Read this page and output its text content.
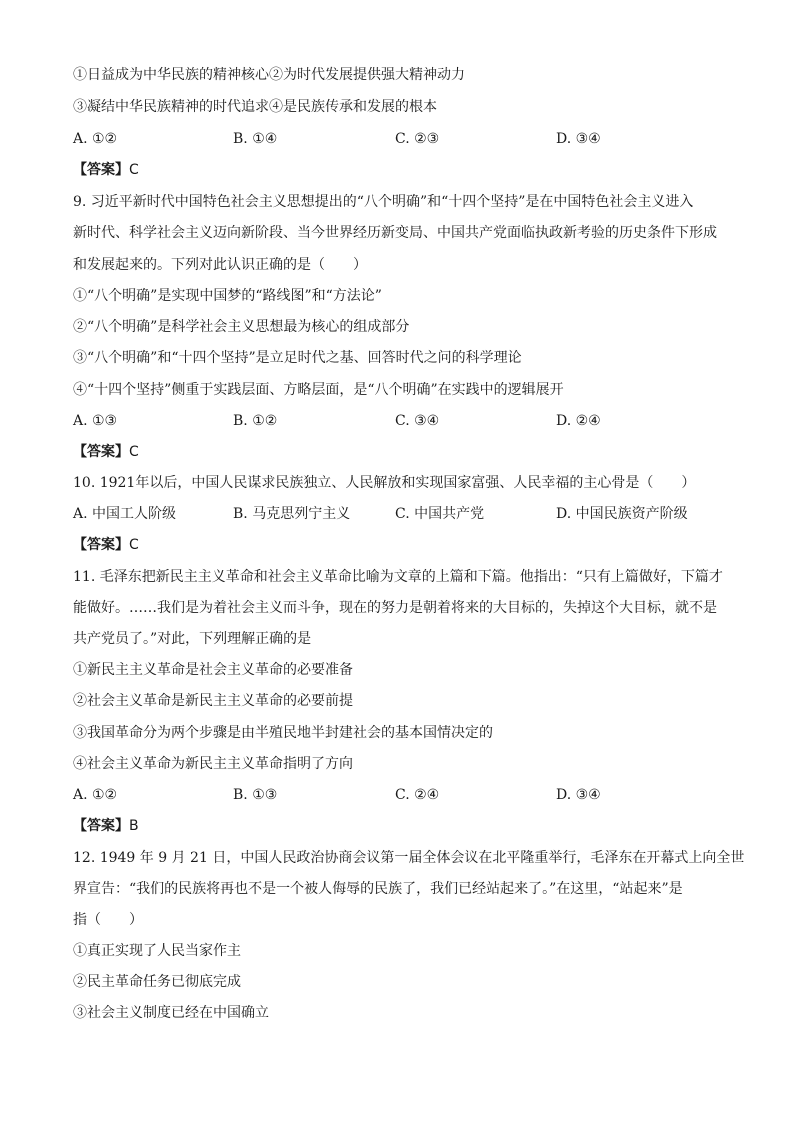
①日益成为中华民族的精神核心②为时代发展提供强大精神动力
③凝结中华民族精神的时代追求④是民族传承和发展的根本
A. ①②	B. ①④	C. ②③	D. ③④
【答案】C
9. 习近平新时代中国特色社会主义思想提出的“八个明确”和“十四个坚持”是在中国特色社会主义进入
新时代、科学社会主义迈向新阶段、当今世界经历新变局、中国共产党面临执政新考验的历史条件下形成
和发展起来的。下列对此认识正确的是（　　）
①“八个明确”是实现中国梦的“路线图”和“方法论”
②“八个明确”是科学社会主义思想最为核心的组成部分
③“八个明确”和“十四个坚持”是立足时代之基、回答时代之问的科学理论
④“十四个坚持”侧重于实践层面、方略层面，是“八个明确”在实践中的逻辑展开
A. ①③	B. ①②	C. ③④	D. ②④
【答案】C
10. 1921年以后，中国人民谋求民族独立、人民解放和实现国家富强、人民幸福的主心骨是（　　）
A. 中国工人阶级	B. 马克思列宁主义	C. 中国共产党	D. 中国民族资产阶级
【答案】C
11. 毛泽东把新民主主义革命和社会主义革命比喻为文章的上篇和下篇。他指出：“只有上篇做好，下篇才
能做好。……我们是为着社会主义而斗争，现在的努力是朝着将来的大目标的，失掉这个大目标，就不是
共产党员了。”对此，下列理解正确的是
①新民主主义革命是社会主义革命的必要准备
②社会主义革命是新民主主义革命的必要前提
③我国革命分为两个步骤是由半殖民地半封建社会的基本国情决定的
④社会主义革命为新民主主义革命指明了方向
A. ①②	B. ①③	C. ②④	D. ③④
【答案】B
12. 1949 年 9 月 21 日，中国人民政治协商会议第一届全体会议在北平隆重举行，毛泽东在开幕式上向全世
界宣告：“我们的民族将再也不是一个被人侮辱的民族了，我们已经站起来了。”在这里，“站起来”是
指（　　）
①真正实现了人民当家作主
②民主革命任务已彻底完成
③社会主义制度已经在中国确立
